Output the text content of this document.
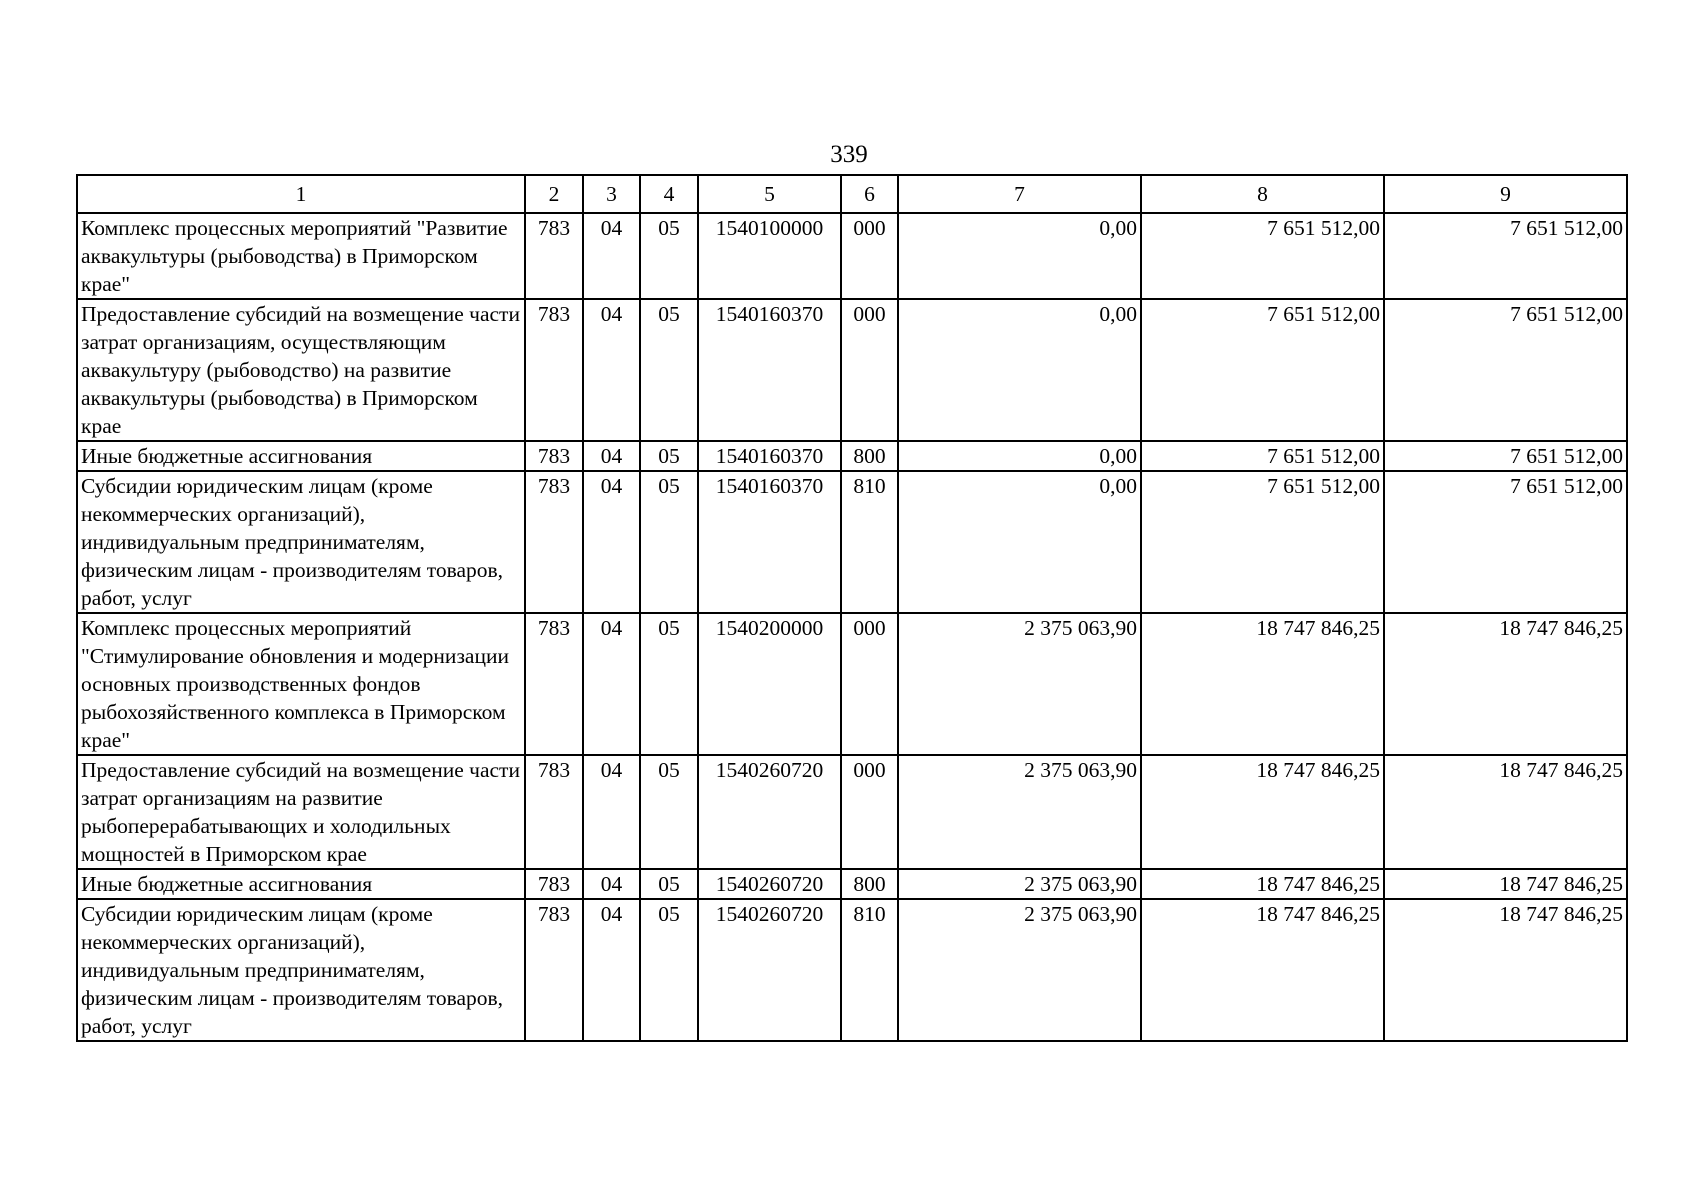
339
1	2	3	4	5	6	7	8	9
Комплекс процессных мероприятий "Развитие аквакультуры (рыбоводства) в Приморском крае"	783	04	05	1540100000	000	0,00	7 651 512,00	7 651 512,00
Предоставление субсидий на возмещение части затрат организациям, осуществляющим аквакультуру (рыбоводство) на развитие аквакультуры (рыбоводства) в Приморском крае	783	04	05	1540160370	000	0,00	7 651 512,00	7 651 512,00
Иные бюджетные ассигнования	783	04	05	1540160370	800	0,00	7 651 512,00	7 651 512,00
Субсидии юридическим лицам (кроме некоммерческих организаций), индивидуальным предпринимателям, физическим лицам - производителям товаров, работ, услуг	783	04	05	1540160370	810	0,00	7 651 512,00	7 651 512,00
Комплекс процессных мероприятий "Стимулирование обновления и модернизации основных производственных фондов рыбохозяйственного комплекса в Приморском крае"	783	04	05	1540200000	000	2 375 063,90	18 747 846,25	18 747 846,25
Предоставление субсидий на возмещение части затрат организациям на развитие рыбоперерабатывающих и холодильных мощностей в Приморском крае	783	04	05	1540260720	000	2 375 063,90	18 747 846,25	18 747 846,25
Иные бюджетные ассигнования	783	04	05	1540260720	800	2 375 063,90	18 747 846,25	18 747 846,25
Субсидии юридическим лицам (кроме некоммерческих организаций), индивидуальным предпринимателям, физическим лицам - производителям товаров, работ, услуг	783	04	05	1540260720	810	2 375 063,90	18 747 846,25	18 747 846,25
